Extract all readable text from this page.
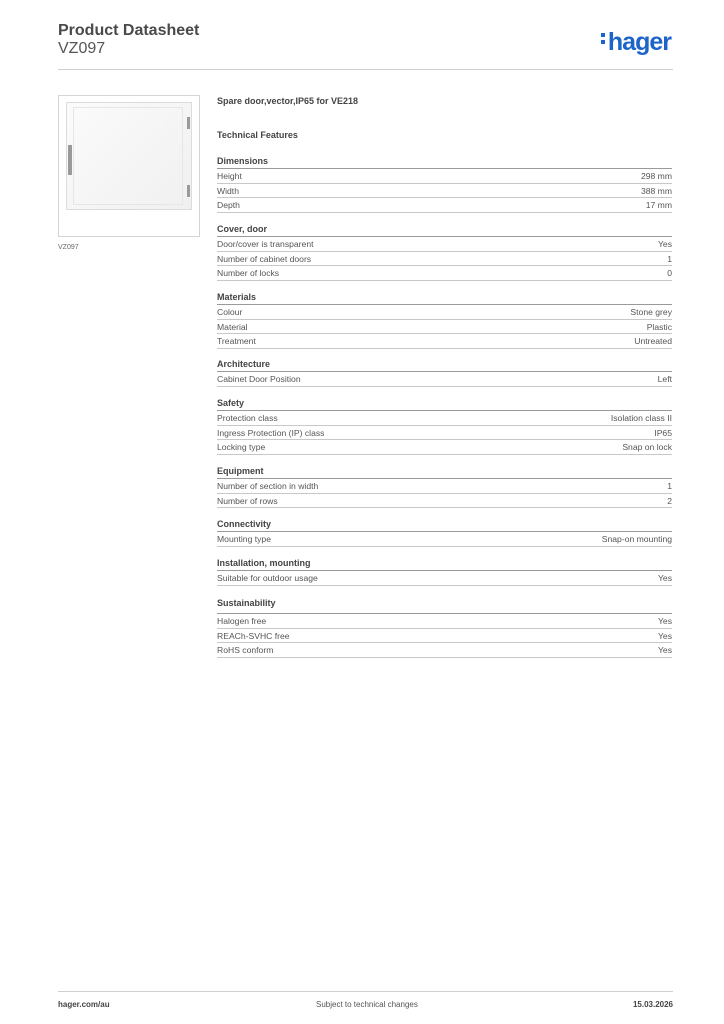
Product Datasheet
VZ097	hager
VZ097
Spare door,vector,IP65 for VE218
Technical Features
Dimensions
Height	298 mm
Width	388 mm
Depth	17 mm
Cover, door
Door/cover is transparent	Yes
Number of cabinet doors	1
Number of locks	0
Materials
Colour	Stone grey
Material	Plastic
Treatment	Untreated
Architecture
Cabinet Door Position	Left
Safety
Protection class	Isolation class II
Ingress Protection (IP) class	IP65
Locking type	Snap on lock
Equipment
Number of section in width	1
Number of rows	2
Connectivity
Mounting type	Snap-on mounting
Installation, mounting
Suitable for outdoor usage	Yes
Sustainability
Halogen free	Yes
REACh-SVHC free	Yes
RoHS conform	Yes
hager.com/au	Subject to technical changes	15.03.2026
